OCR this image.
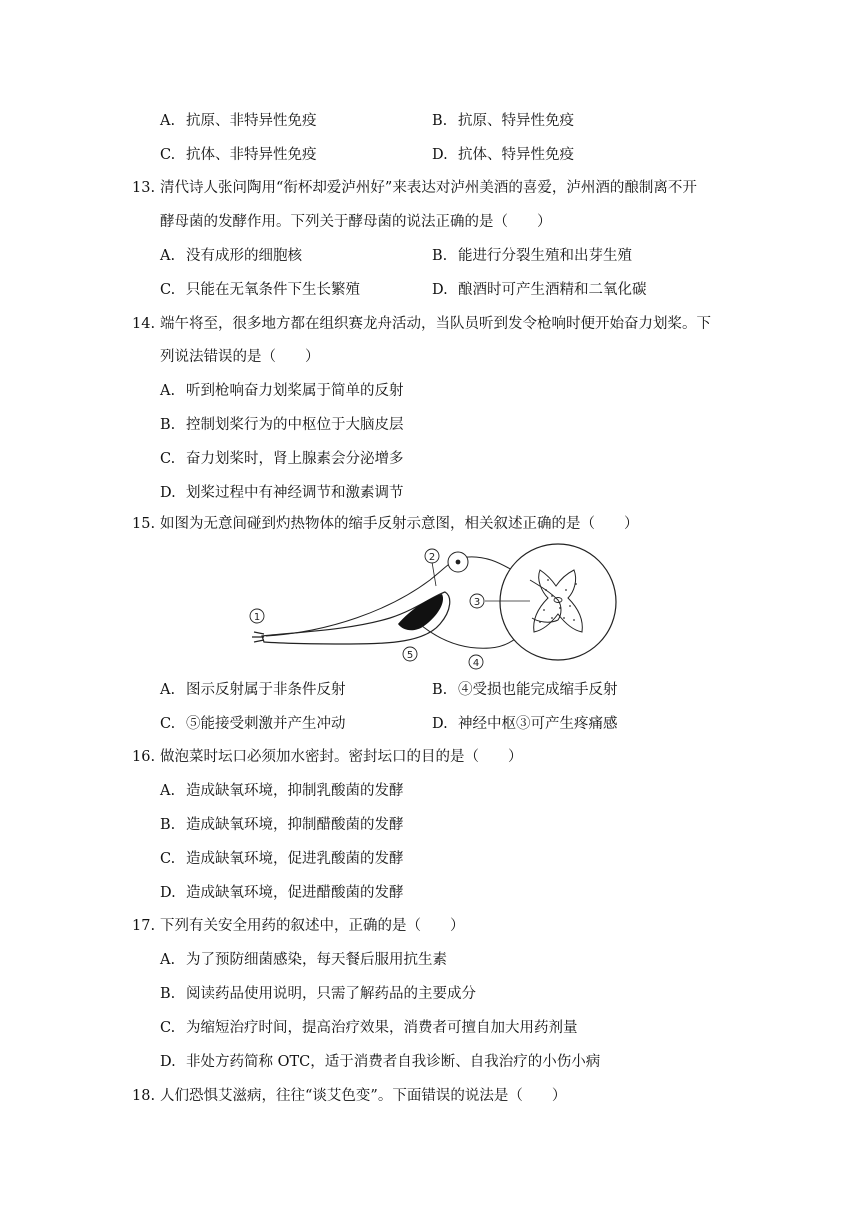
A. 抗原、非特异性免疫	B. 抗原、特异性免疫
C. 抗体、非特异性免疫	D. 抗体、特异性免疫
13. 清代诗人张问陶用“衔杯却爱泸州好”来表达对泸州美酒的喜爱，泸州酒的酿制离不开
酵母菌的发酵作用。下列关于酵母菌的说法正确的是（　　）
A. 没有成形的细胞核	B. 能进行分裂生殖和出芽生殖
C. 只能在无氧条件下生长繁殖	D. 酿酒时可产生酒精和二氧化碳
14. 端午将至，很多地方都在组织赛龙舟活动，当队员听到发令枪响时便开始奋力划桨。下
列说法错误的是（　　）
A. 听到枪响奋力划桨属于简单的反射
B. 控制划桨行为的中枢位于大脑皮层
C. 奋力划桨时，肾上腺素会分泌增多
D. 划桨过程中有神经调节和激素调节
15. 如图为无意间碰到灼热物体的缩手反射示意图，相关叙述正确的是（　　）
1
2
3
4
5
A. 图示反射属于非条件反射	B. ④受损也能完成缩手反射
C. ⑤能接受刺激并产生冲动	D. 神经中枢③可产生疼痛感
16. 做泡菜时坛口必须加水密封。密封坛口的目的是（　　）
A. 造成缺氧环境，抑制乳酸菌的发酵
B. 造成缺氧环境，抑制醋酸菌的发酵
C. 造成缺氧环境，促进乳酸菌的发酵
D. 造成缺氧环境，促进醋酸菌的发酵
17. 下列有关安全用药的叙述中，正确的是（　　）
A. 为了预防细菌感染，每天餐后服用抗生素
B. 阅读药品使用说明，只需了解药品的主要成分
C. 为缩短治疗时间，提高治疗效果，消费者可擅自加大用药剂量
D. 非处方药简称 OTC，适于消费者自我诊断、自我治疗的小伤小病
18. 人们恐惧艾滋病，往往“谈艾色变”。下面错误的说法是（　　）
